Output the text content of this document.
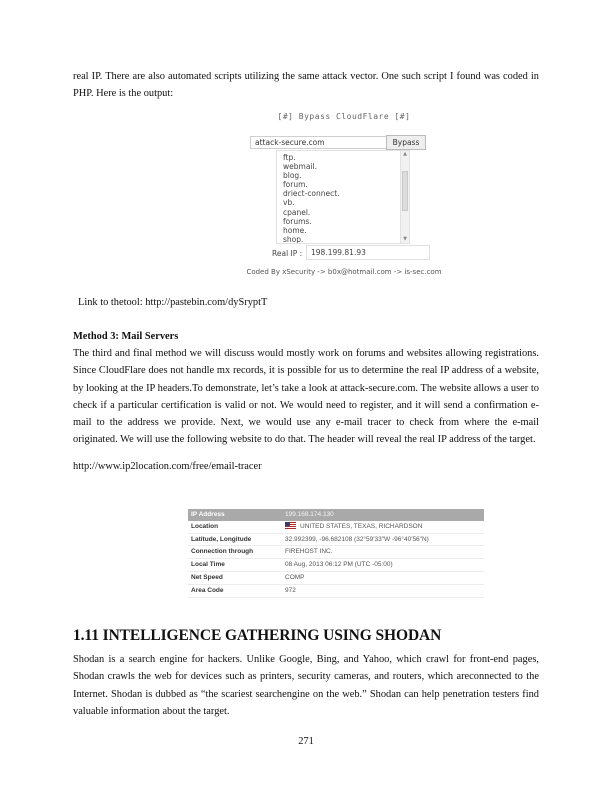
real IP. There are also automated scripts utilizing the same attack vector. One such script I found was coded in PHP. Here is the output:

[#] Bypass CloudFlare [#]
attack-secure.com	Bypass
ftp.
webmail.
blog.
forum.
driect-connect.
vb.
cpanel.
forums.
home.
shop.
▲
▼
Real IP :	198.199.81.93
Coded By xSecurity -> b0x@hotmail.com -> is-sec.com

Link to thetool: http://pastebin.com/dySryptT

Method 3: Mail Servers

The third and final method we will discuss would mostly work on forums and websites allowing registrations. Since CloudFlare does not handle mx records, it is possible for us to determine the real IP address of a website, by looking at the IP headers.To demonstrate, let’s take a look at attack-secure.com. The website allows a user to check if a particular certification is valid or not. We would need to register, and it will send a confirmation e-mail to the address we provide. Next, we would use any e-mail tracer to check from where the e-mail originated. We will use the following website to do that. The header will reveal the real IP address of the target.

http://www.ip2location.com/free/email-tracer

IP Address	199.168.174.130
Location	UNITED STATES, TEXAS, RICHARDSON
Latitude, Longitude	32.992399, -96.682108 (32°59'33"W -96°40'56"N)
Connection through	FIREHOST INC.
Local Time	08 Aug, 2013 06:12 PM (UTC -05:00)
Net Speed	COMP
Area Code	972
1.11 INTELLIGENCE GATHERING USING SHODAN

Shodan is a search engine for hackers. Unlike Google, Bing, and Yahoo, which crawl for front-end pages, Shodan crawls the web for devices such as printers, security cameras, and routers, which areconnected to the Internet. Shodan is dubbed as “the scariest searchengine on the web.” Shodan can help penetration testers find valuable information about the target.

271
